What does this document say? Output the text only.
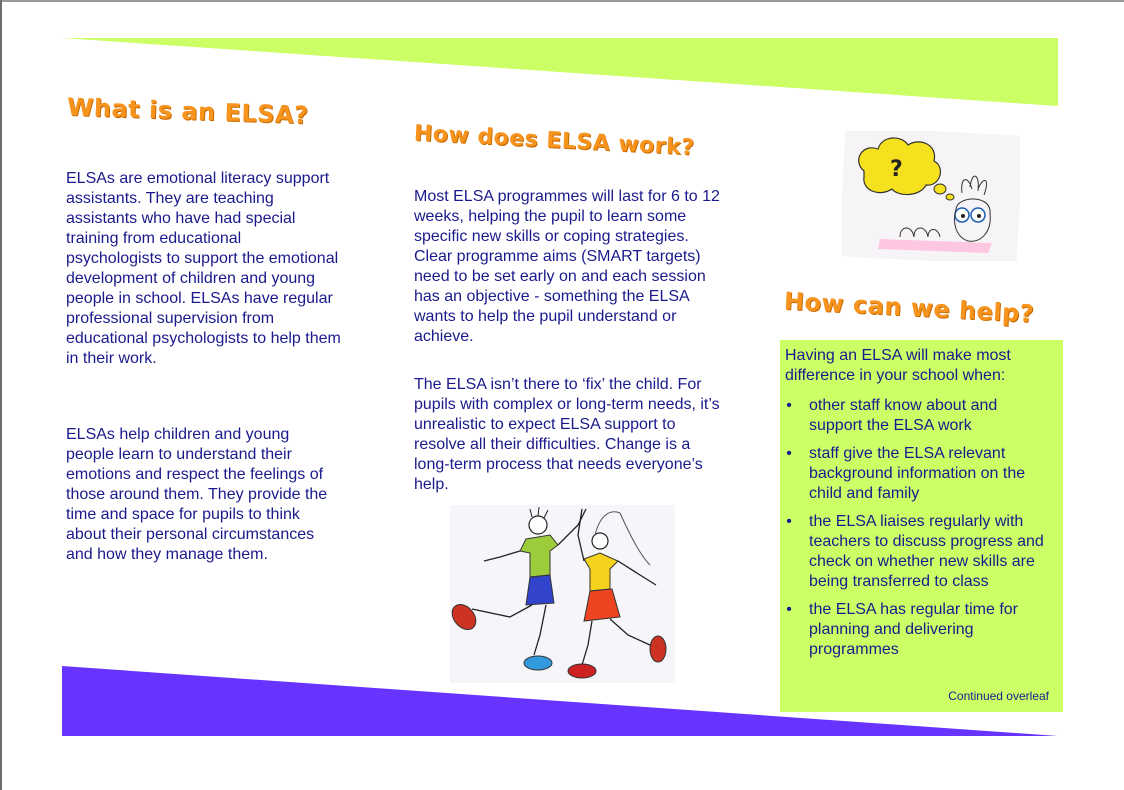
What is an ELSA?

ELSAs are emotional literacy support assistants. They are teaching assistants who have had special training from educational psychologists to support the emotional development of children and young people in school. ELSAs have regular professional supervision from educational psychologists to help them in their work.

ELSAs help children and young people learn to understand their emotions and respect the feelings of those around them. They provide the time and space for pupils to think about their personal circumstances and how they manage them.

How does ELSA work?

Most ELSA programmes will last for 6 to 12 weeks, helping the pupil to learn some specific new skills or coping strategies. Clear programme aims (SMART targets) need to be set early on and each session has an objective - something the ELSA wants to help the pupil understand or achieve.

The ELSA isn’t there to ‘fix’ the child. For pupils with complex or long-term needs, it’s unrealistic to expect ELSA support to resolve all their difficulties. Change is a long-term process that needs everyone’s help.

?
How can we help?

Having an ELSA will make most difference in your school when:

• other staff know about and support the ELSA work
• staff give the ELSA relevant background information on the child and family
• the ELSA liaises regularly with teachers to discuss progress and check on whether new skills are being transferred to class
• the ELSA has regular time for planning and delivering programmes

Continued overleaf
